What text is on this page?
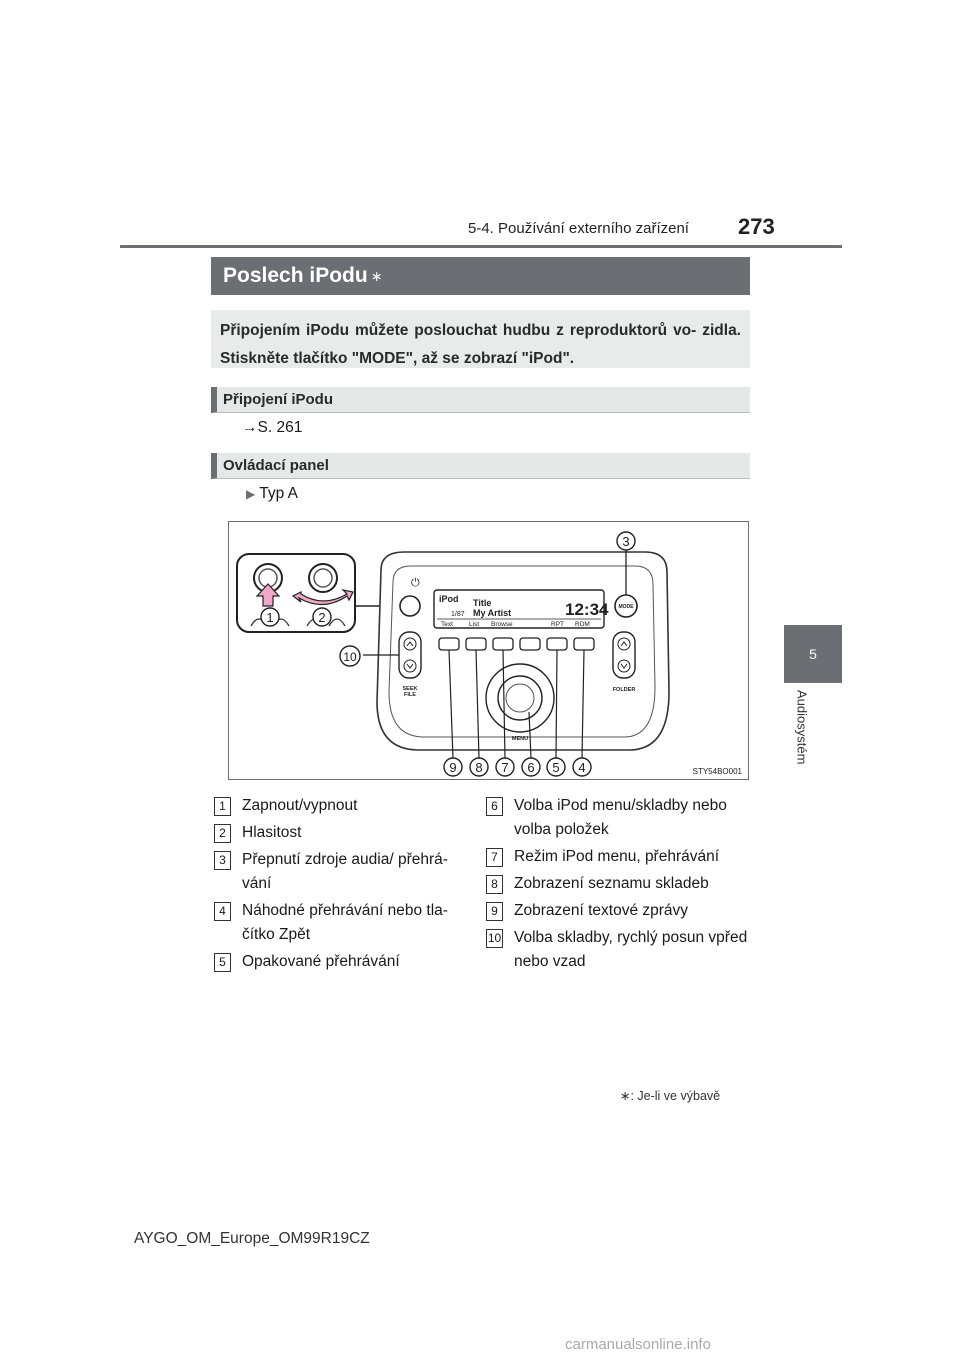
5-4. Používání externího zařízení 273
5
Audiosystém
Poslech iPodu ∗
Připojením iPodu můžete poslouchat hudbu z reproduktorů vo- zidla. Stiskněte tlačítko "MODE", až se zobrazí "iPod".
Připojení iPodu
→S. 261
Ovládací panel
▶ Typ A
1	2
⏻
iPod Title
My Artist
1/87	12:34
Text List Browse	RPT RDM
MODE
3
SEEK
FILE
10
FOLDER
MENU
9 8 7 6 5 4	STY54BO001
1	Zapnout/vypnout
2	Hlasitost
3	Přepnutí zdroje audia/ přehrá- vání
4	Náhodné přehrávání nebo tla- čítko Zpět
5	Opakované přehrávání
6	Volba iPod menu/skladby nebo volba položek
7	Režim iPod menu, přehrávání
8	Zobrazení seznamu skladeb
9	Zobrazení textové zprávy
10 Volba skladby, rychlý posun vpřed nebo vzad
∗: Je-li ve výbavě
AYGO_OM_Europe_OM99R19CZ
carmanualsonline.info
